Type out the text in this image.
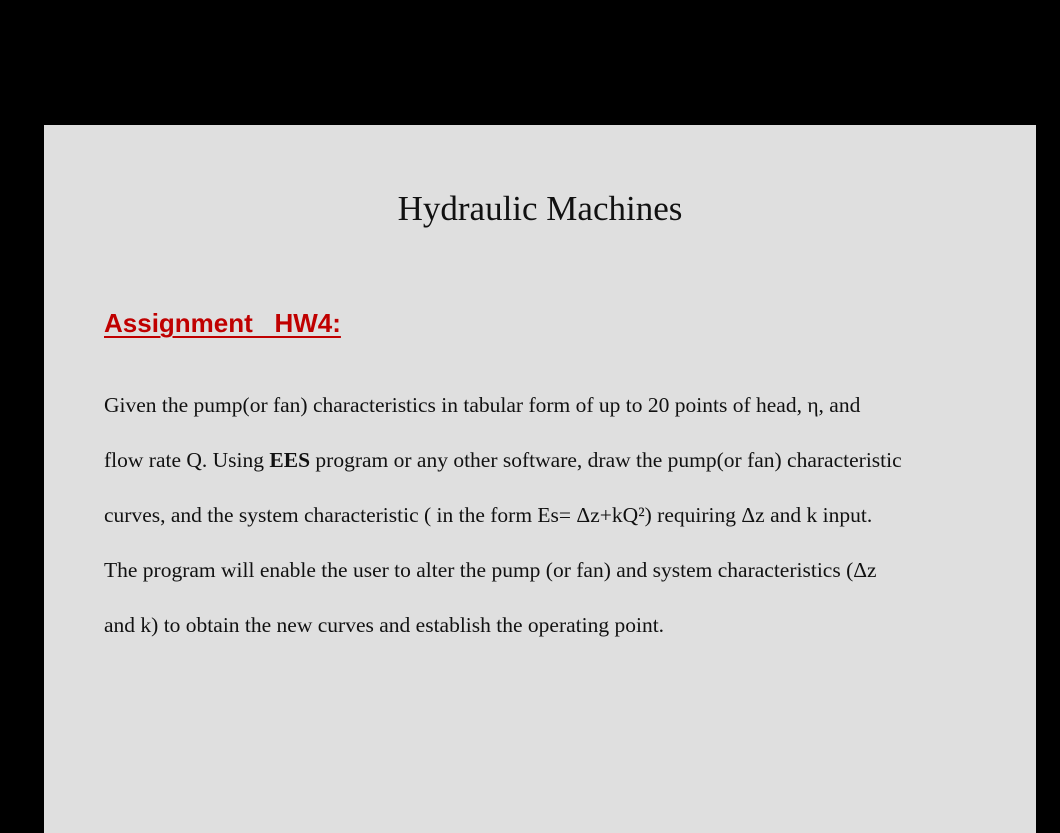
Hydraulic Machines
Assignment   HW4:
Given the pump(or fan) characteristics in tabular form of up to 20 points of head, η, and
flow rate Q. Using EES program or any other software, draw the pump(or fan) characteristic
curves, and the system characteristic ( in the form Es= Δz+kQ²) requiring Δz and k input.
The program will enable the user to alter the pump (or fan) and system characteristics (Δz
and k) to obtain the new curves and establish the operating point.
